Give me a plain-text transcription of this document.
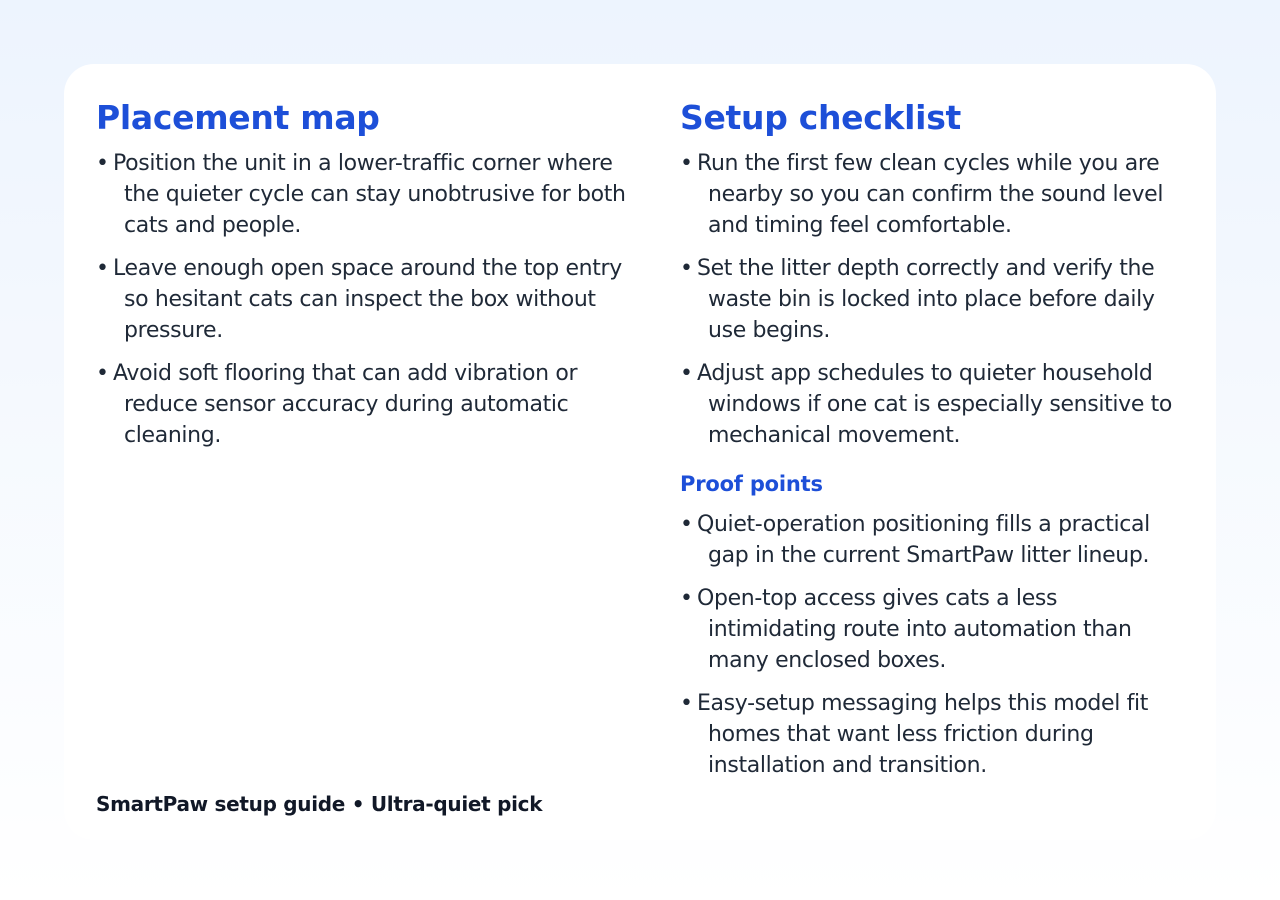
Placement map
• Position the unit in a lower-traffic corner where the quieter cycle can stay unobtrusive for both cats and people.
• Leave enough open space around the top entry so hesitant cats can inspect the box without pressure.
• Avoid soft flooring that can add vibration or reduce sensor accuracy during automatic cleaning.
Setup checklist
• Run the first few clean cycles while you are nearby so you can confirm the sound level and timing feel comfortable.
• Set the litter depth correctly and verify the waste bin is locked into place before daily use begins.
• Adjust app schedules to quieter household windows if one cat is especially sensitive to mechanical movement.
Proof points
• Quiet-operation positioning fills a practical gap in the current SmartPaw litter lineup.
• Open-top access gives cats a less intimidating route into automation than many enclosed boxes.
• Easy-setup messaging helps this model fit homes that want less friction during installation and transition.
SmartPaw setup guide • Ultra-quiet pick
